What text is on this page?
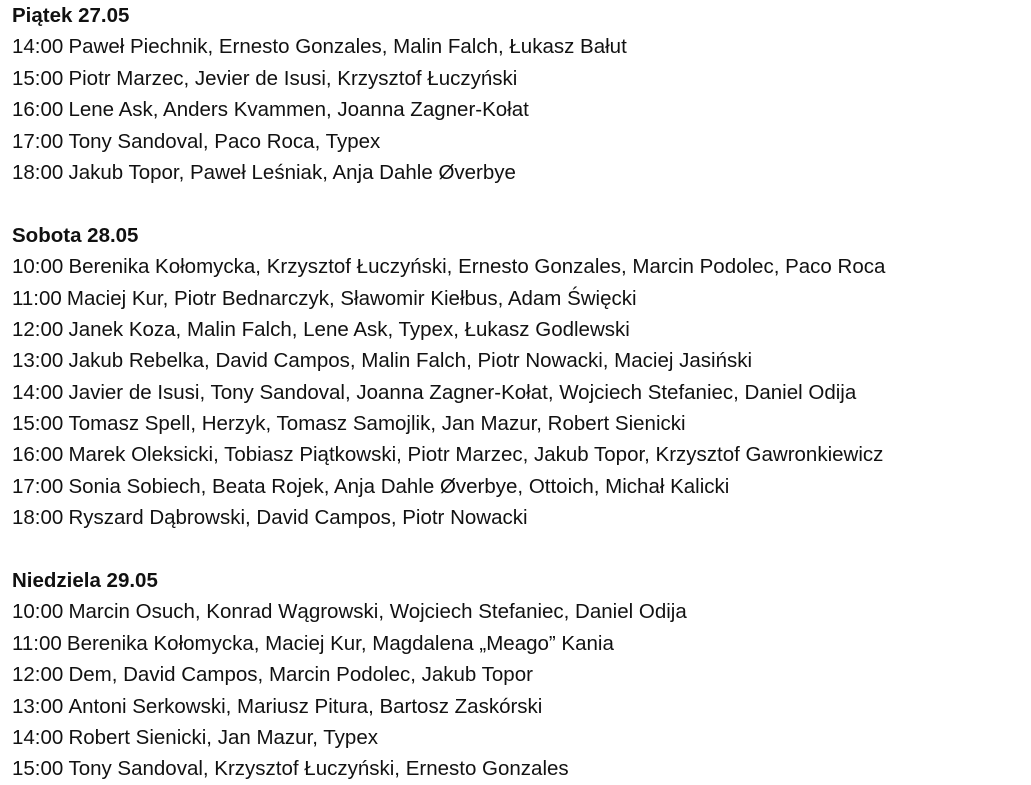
Piątek 27.05
14:00 Paweł Piechnik, Ernesto Gonzales, Malin Falch, Łukasz Bałut
15:00 Piotr Marzec, Jevier de Isusi, Krzysztof Łuczyński
16:00 Lene Ask, Anders Kvammen, Joanna Zagner-Kołat
17:00 Tony Sandoval, Paco Roca, Typex
18:00 Jakub Topor, Paweł Leśniak, Anja Dahle Øverbye
Sobota 28.05
10:00 Berenika Kołomycka, Krzysztof Łuczyński, Ernesto Gonzales, Marcin Podolec, Paco Roca
11:00 Maciej Kur, Piotr Bednarczyk, Sławomir Kiełbus, Adam Święcki
12:00 Janek Koza, Malin Falch, Lene Ask, Typex, Łukasz Godlewski
13:00 Jakub Rebelka, David Campos, Malin Falch, Piotr Nowacki, Maciej Jasiński
14:00 Javier de Isusi, Tony Sandoval, Joanna Zagner-Kołat, Wojciech Stefaniec, Daniel Odija
15:00 Tomasz Spell, Herzyk, Tomasz Samojlik, Jan Mazur, Robert Sienicki
16:00 Marek Oleksicki, Tobiasz Piątkowski, Piotr Marzec, Jakub Topor, Krzysztof Gawronkiewicz
17:00 Sonia Sobiech, Beata Rojek, Anja Dahle Øverbye, Ottoich, Michał Kalicki
18:00 Ryszard Dąbrowski, David Campos, Piotr Nowacki
Niedziela 29.05
10:00 Marcin Osuch, Konrad Wągrowski, Wojciech Stefaniec, Daniel Odija
11:00 Berenika Kołomycka, Maciej Kur, Magdalena „Meago” Kania
12:00 Dem, David Campos, Marcin Podolec, Jakub Topor
13:00 Antoni Serkowski, Mariusz Pitura, Bartosz Zaskórski
14:00 Robert Sienicki, Jan Mazur, Typex
15:00 Tony Sandoval, Krzysztof Łuczyński, Ernesto Gonzales
